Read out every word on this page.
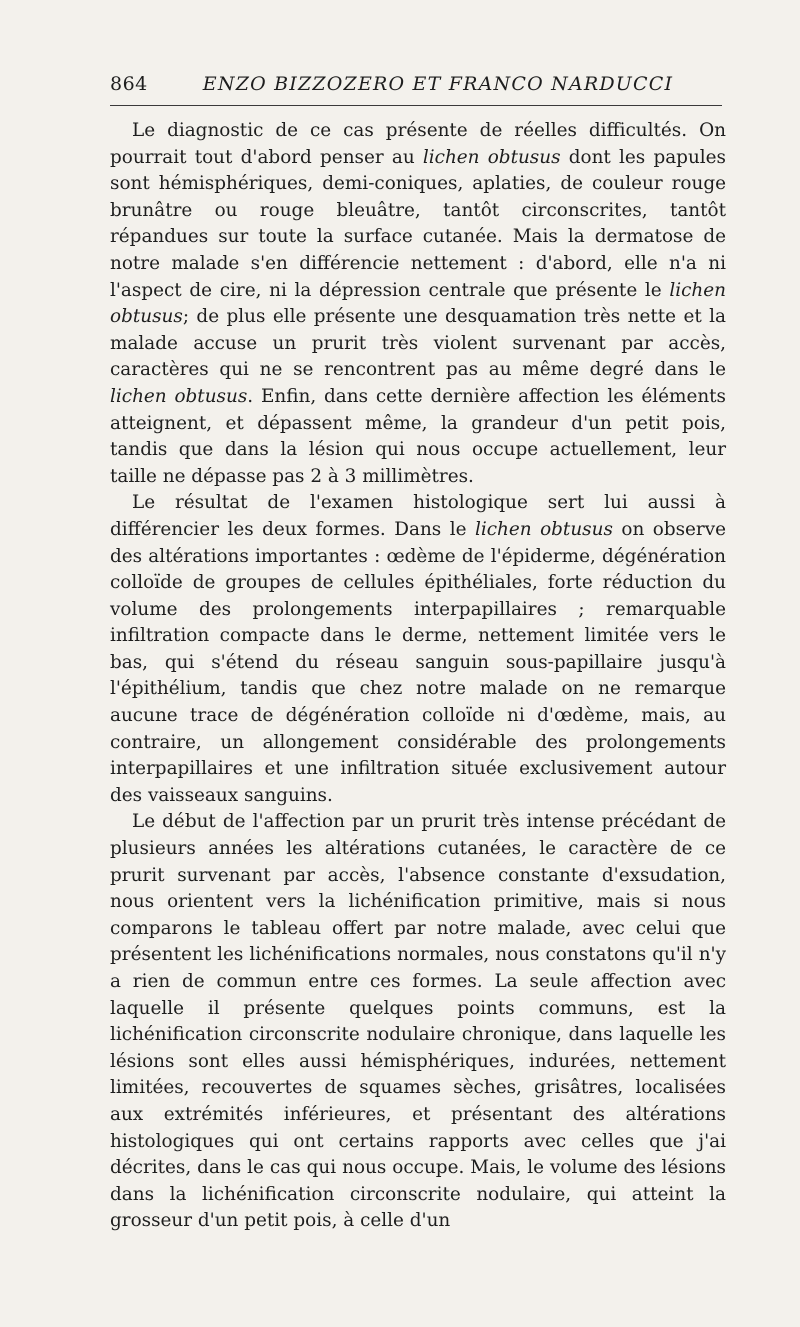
864	ENZO BIZZOZERO ET FRANCO NARDUCCI

Le diagnostic de ce cas présente de réelles difficultés. On pourrait tout d'abord penser au lichen obtusus dont les papules sont hémisphériques, demi-coniques, aplaties, de couleur rouge brunâtre ou rouge bleuâtre, tantôt circonscrites, tantôt répandues sur toute la surface cutanée. Mais la dermatose de notre malade s'en différencie nettement : d'abord, elle n'a ni l'aspect de cire, ni la dépression centrale que présente le lichen obtusus; de plus elle présente une desquamation très nette et la malade accuse un prurit très violent survenant par accès, caractères qui ne se rencontrent pas au même degré dans le lichen obtusus. Enfin, dans cette dernière affection les éléments atteignent, et dépassent même, la grandeur d'un petit pois, tandis que dans la lésion qui nous occupe actuellement, leur taille ne dépasse pas 2 à 3 millimètres.

Le résultat de l'examen histologique sert lui aussi à différencier les deux formes. Dans le lichen obtusus on observe des altérations importantes : œdème de l'épiderme, dégénération colloïde de groupes de cellules épithéliales, forte réduction du volume des prolongements interpapillaires ; remarquable infiltration compacte dans le derme, nettement limitée vers le bas, qui s'étend du réseau sanguin sous-papillaire jusqu'à l'épithélium, tandis que chez notre malade on ne remarque aucune trace de dégénération colloïde ni d'œdème, mais, au contraire, un allongement considérable des prolongements interpapillaires et une infiltration située exclusivement autour des vaisseaux sanguins.

Le début de l'affection par un prurit très intense précédant de plusieurs années les altérations cutanées, le caractère de ce prurit survenant par accès, l'absence constante d'exsudation, nous orientent vers la lichénification primitive, mais si nous comparons le tableau offert par notre malade, avec celui que présentent les lichénifications normales, nous constatons qu'il n'y a rien de commun entre ces formes. La seule affection avec laquelle il présente quelques points communs, est la lichénification circonscrite nodulaire chronique, dans laquelle les lésions sont elles aussi hémisphériques, indurées, nettement limitées, recouvertes de squames sèches, grisâtres, localisées aux extrémités inférieures, et présentant des altérations histologiques qui ont certains rapports avec celles que j'ai décrites, dans le cas qui nous occupe. Mais, le volume des lésions dans la lichénification circonscrite nodulaire, qui atteint la grosseur d'un petit pois, à celle d'un
